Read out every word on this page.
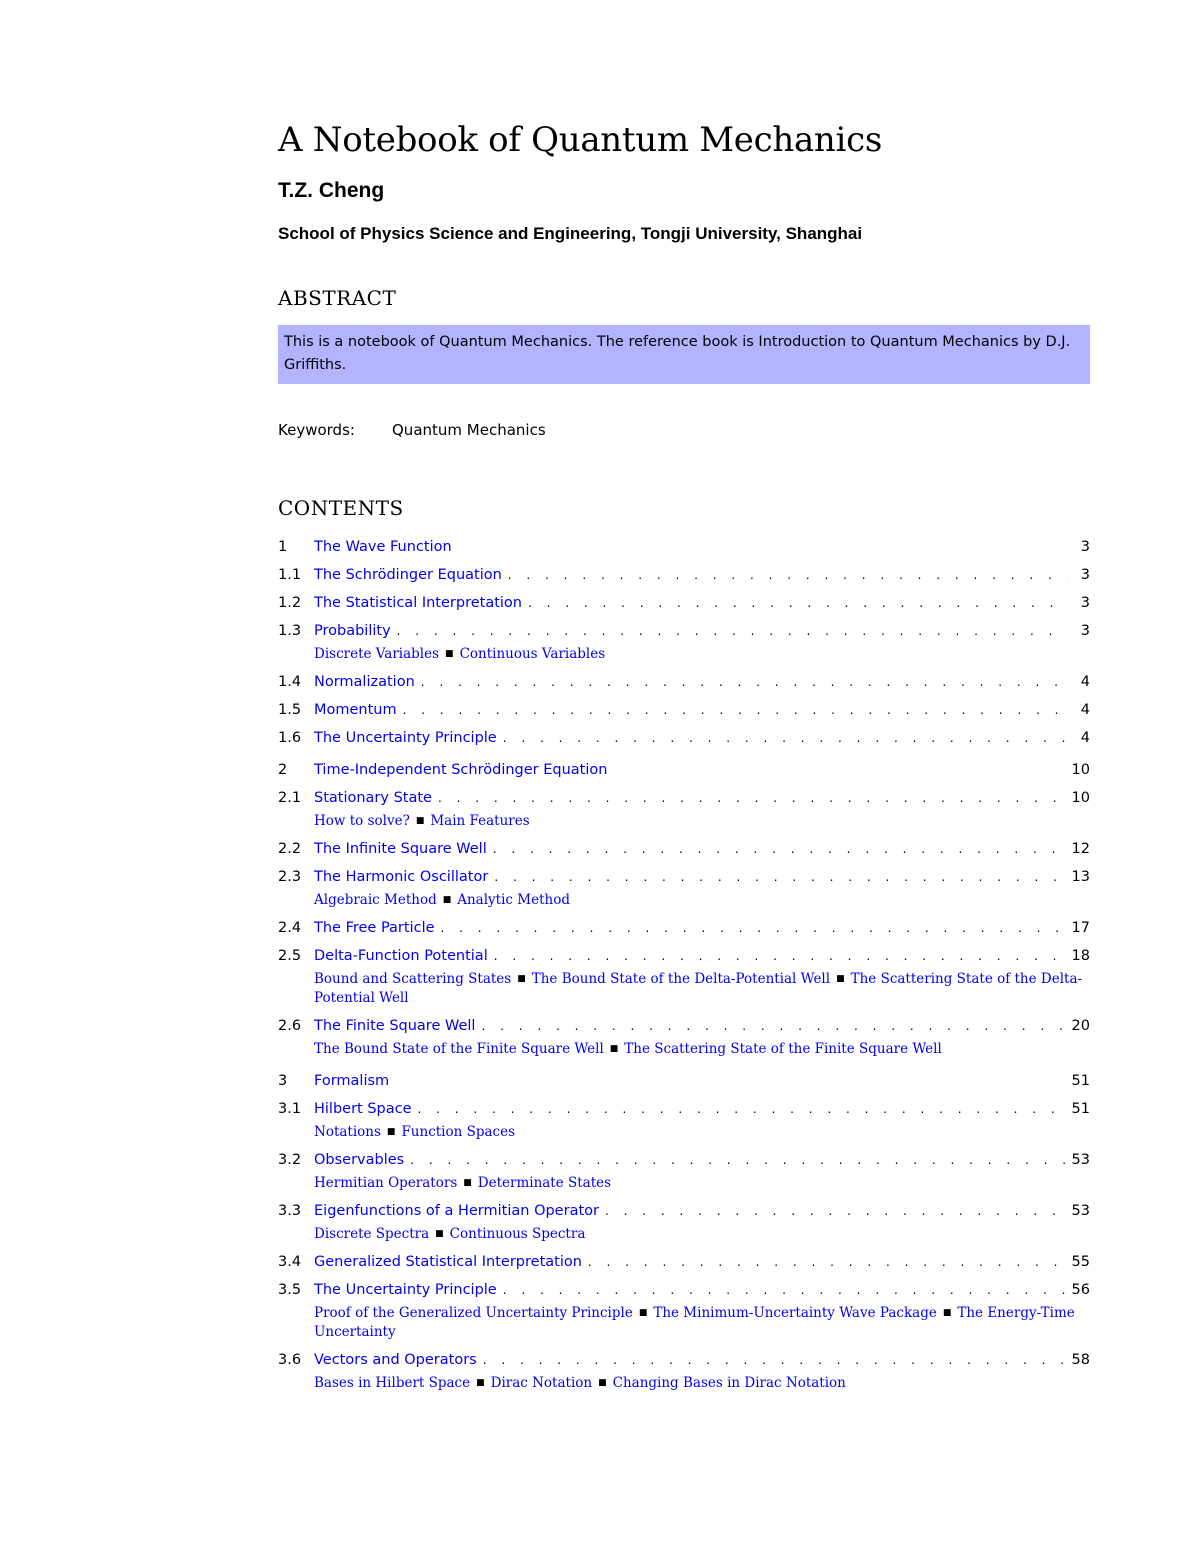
A Notebook of Quantum Mechanics
T.Z. Cheng
School of Physics Science and Engineering, Tongji University, Shanghai
ABSTRACT
This is a notebook of Quantum Mechanics. The reference book is Introduction to Quantum Mechanics by D.J. Griffiths.
Keywords: Quantum Mechanics
CONTENTS
1	The Wave Function	3
1.1 The Schrödinger Equation . . .	3
1.2 The Statistical Interpretation . . .	3
1.3 Probability . . .	3
Discrete Variables ■ Continuous Variables
1.4 Normalization . . .	4
1.5 Momentum . . .	4
1.6 The Uncertainty Principle . . .	4
2	Time-Independent Schrödinger Equation	10
2.1 Stationary State . . .	10
How to solve? ■ Main Features
2.2 The Infinite Square Well . . .	12
2.3 The Harmonic Oscillator . . .	13
Algebraic Method ■ Analytic Method
2.4 The Free Particle . . .	17
2.5 Delta-Function Potential . . .	18
Bound and Scattering States ■ The Bound State of the Delta-Potential Well ■ The Scattering State of the Delta-Potential Well
2.6 The Finite Square Well . . .	20
The Bound State of the Finite Square Well ■ The Scattering State of the Finite Square Well
3	Formalism	51
3.1 Hilbert Space . . .	51
Notations ■ Function Spaces
3.2 Observables . . .	53
Hermitian Operators ■ Determinate States
3.3 Eigenfunctions of a Hermitian Operator . . .	53
Discrete Spectra ■ Continuous Spectra
3.4 Generalized Statistical Interpretation . . .	55
3.5 The Uncertainty Principle . . .	56
Proof of the Generalized Uncertainty Principle ■ The Minimum-Uncertainty Wave Package ■ The Energy-Time Uncertainty
3.6 Vectors and Operators . . .	58
Bases in Hilbert Space ■ Dirac Notation ■ Changing Bases in Dirac Notation
